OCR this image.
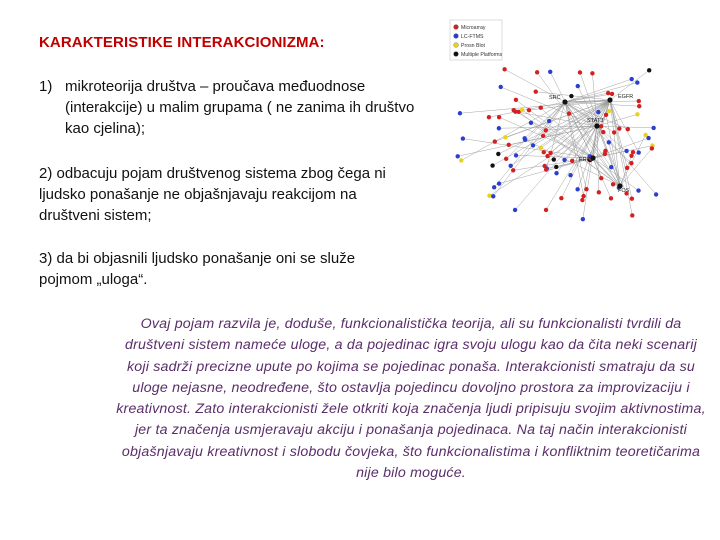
KARAKTERISTIKE INTERAKCIONIZMA:
1) mikroteorija društva – proučava međuodnose (interakcije) u malim grupama ( ne zanima ih društvo kao cjelina);
2) odbacuju pojam društvenog sistema zbog čega ni ljudsko ponašanje ne objašnjavaju reakcijom na društveni sistem;
3) da bi objasnili ljudsko ponašanje oni se služe pojmom „uloga“.
Ovaj pojam razvila je, doduše, funkcionalistička teorija, ali su funkcionalisti tvrdili da društveni sistem nameće uloge, a da pojedinac igra svoju ulogu kao da čita neki scenarij koji sadrži precizne upute po kojima se pojedinac ponaša. Interakcionisti smatraju da su uloge nejasne, neodređene, što ostavlja pojedincu dovoljno prostora za improvizaciju i kreativnost. Zato interakcionisti žele otkriti koja značenja ljudi pripisuju svojim aktivnostima, jer ta značenja usmjeravaju akciju i ponašanja pojedinaca. Na taj način interakcionisti objašnjavaju kreativnost i slobodu čovjeka, što funkcionalistima i konfliktnim teoretičarima nije bilo moguće.
SRC	EGFR
STAT3
ERK2
FOS
Microarray
LC-FTMS
Prosn Blot
Multiple Platforms
